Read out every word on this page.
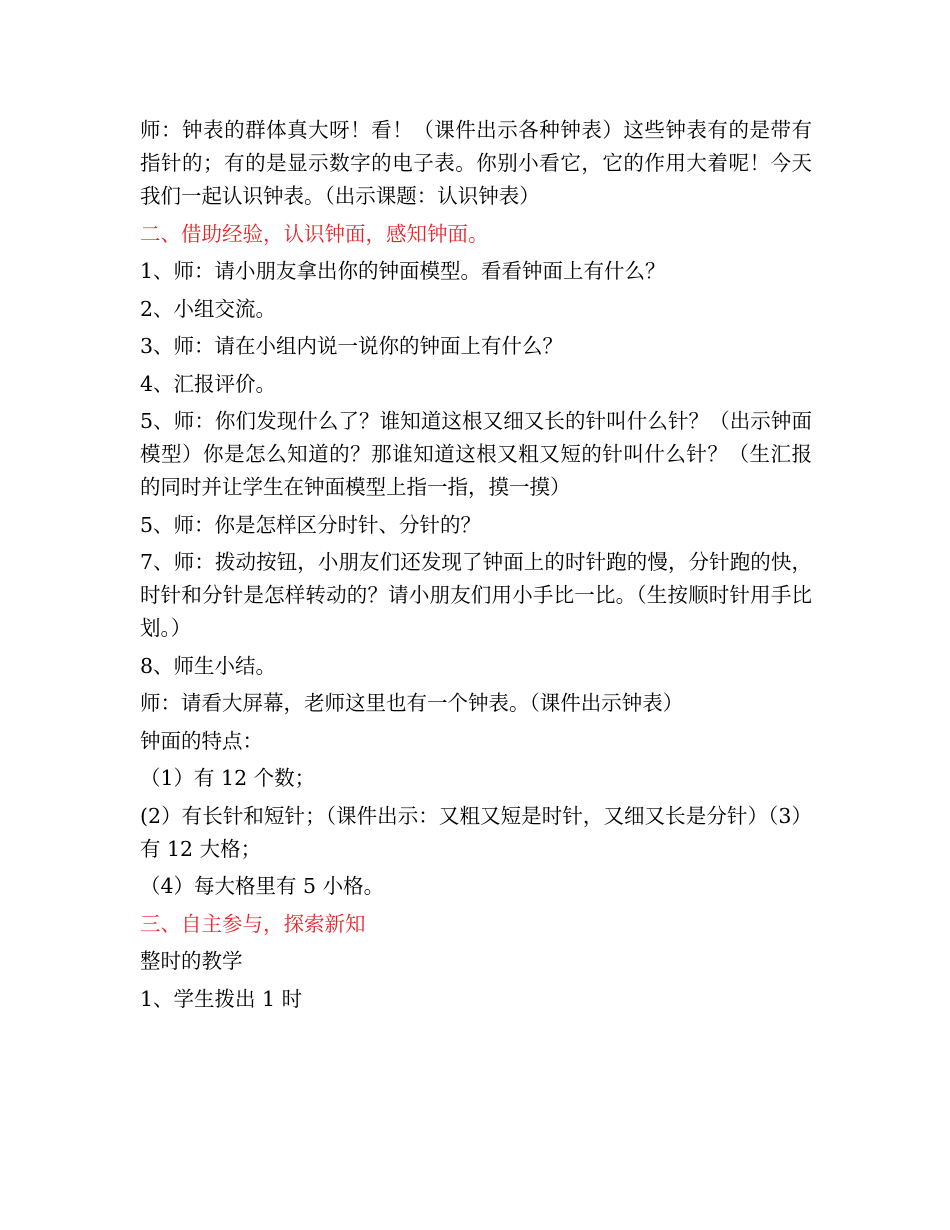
师：钟表的群体真大呀！看！（课件出示各种钟表）这些钟表有的是带有指针的；有的是显示数字的电子表。你别小看它，它的作用大着呢！今天我们一起认识钟表。（出示课题：认识钟表）

二、借助经验，认识钟面，感知钟面。

1、师：请小朋友拿出你的钟面模型。看看钟面上有什么？

2、小组交流。

3、师：请在小组内说一说你的钟面上有什么？

4、汇报评价。

5、师：你们发现什么了？谁知道这根又细又长的针叫什么针？（出示钟面模型）你是怎么知道的？那谁知道这根又粗又短的针叫什么针？（生汇报的同时并让学生在钟面模型上指一指，摸一摸）

5、师：你是怎样区分时针、分针的？

7、师：拨动按钮，小朋友们还发现了钟面上的时针跑的慢，分针跑的快，时针和分针是怎样转动的？请小朋友们用小手比一比。（生按顺时针用手比划。）

8、师生小结。

师：请看大屏幕，老师这里也有一个钟表。（课件出示钟表）

钟面的特点：

（1）有 12 个数；

(2）有长针和短针；（课件出示：又粗又短是时针，又细又长是分针）（3）有 12 大格；

（4）每大格里有 5 小格。

三、自主参与，探索新知

整时的教学

1、学生拨出 1 时
